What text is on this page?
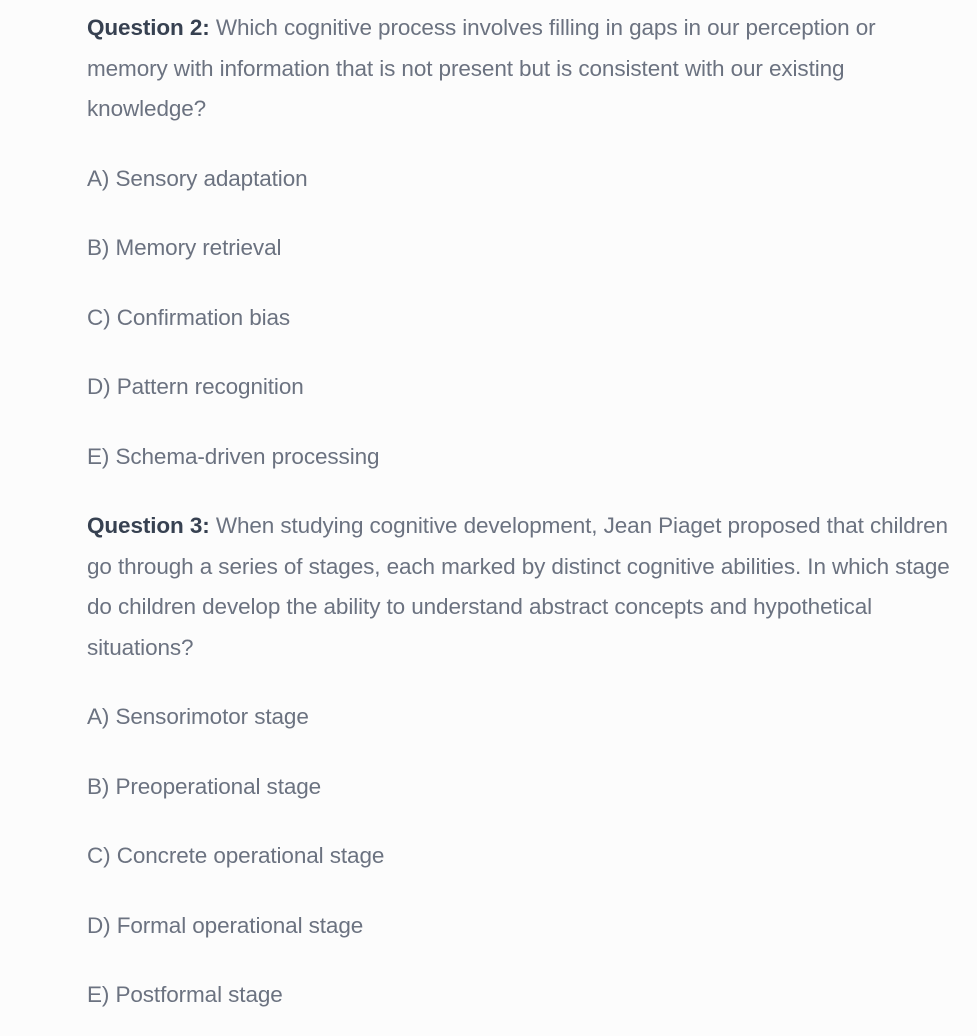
Question 2: Which cognitive process involves filling in gaps in our perception or memory with information that is not present but is consistent with our existing knowledge?

A) Sensory adaptation

B) Memory retrieval

C) Confirmation bias

D) Pattern recognition

E) Schema-driven processing

Question 3: When studying cognitive development, Jean Piaget proposed that children go through a series of stages, each marked by distinct cognitive abilities. In which stage do children develop the ability to understand abstract concepts and hypothetical situations?

A) Sensorimotor stage

B) Preoperational stage

C) Concrete operational stage

D) Formal operational stage

E) Postformal stage
